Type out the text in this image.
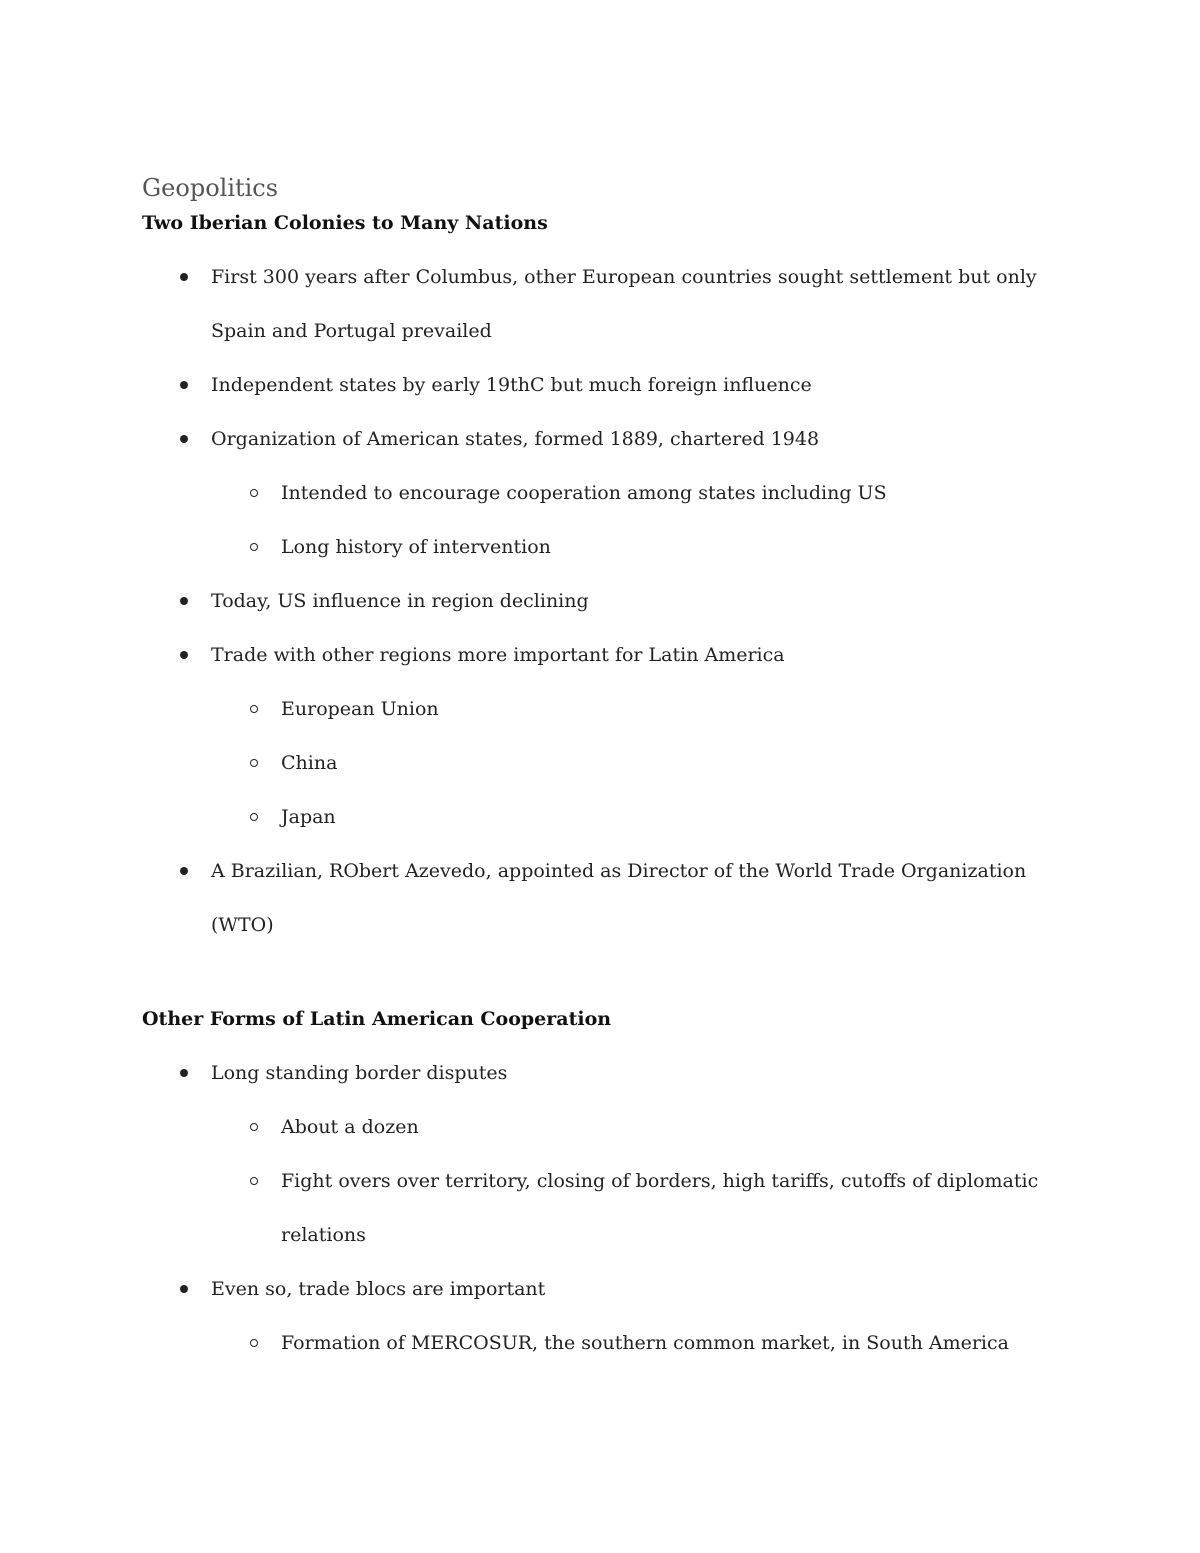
Geopolitics
Two Iberian Colonies to Many Nations
First 300 years after Columbus, other European countries sought settlement but only Spain and Portugal prevailed
Independent states by early 19thC but much foreign influence
Organization of American states, formed 1889, chartered 1948
Intended to encourage cooperation among states including US
Long history of intervention
Today, US influence in region declining
Trade with other regions more important for Latin America
European Union
China
Japan
A Brazilian, RObert Azevedo, appointed as Director of the World Trade Organization (WTO)
Other Forms of Latin American Cooperation
Long standing border disputes
About a dozen
Fight overs over territory, closing of borders, high tariffs, cutoffs of diplomatic relations
Even so, trade blocs are important
Formation of MERCOSUR, the southern common market, in South America
